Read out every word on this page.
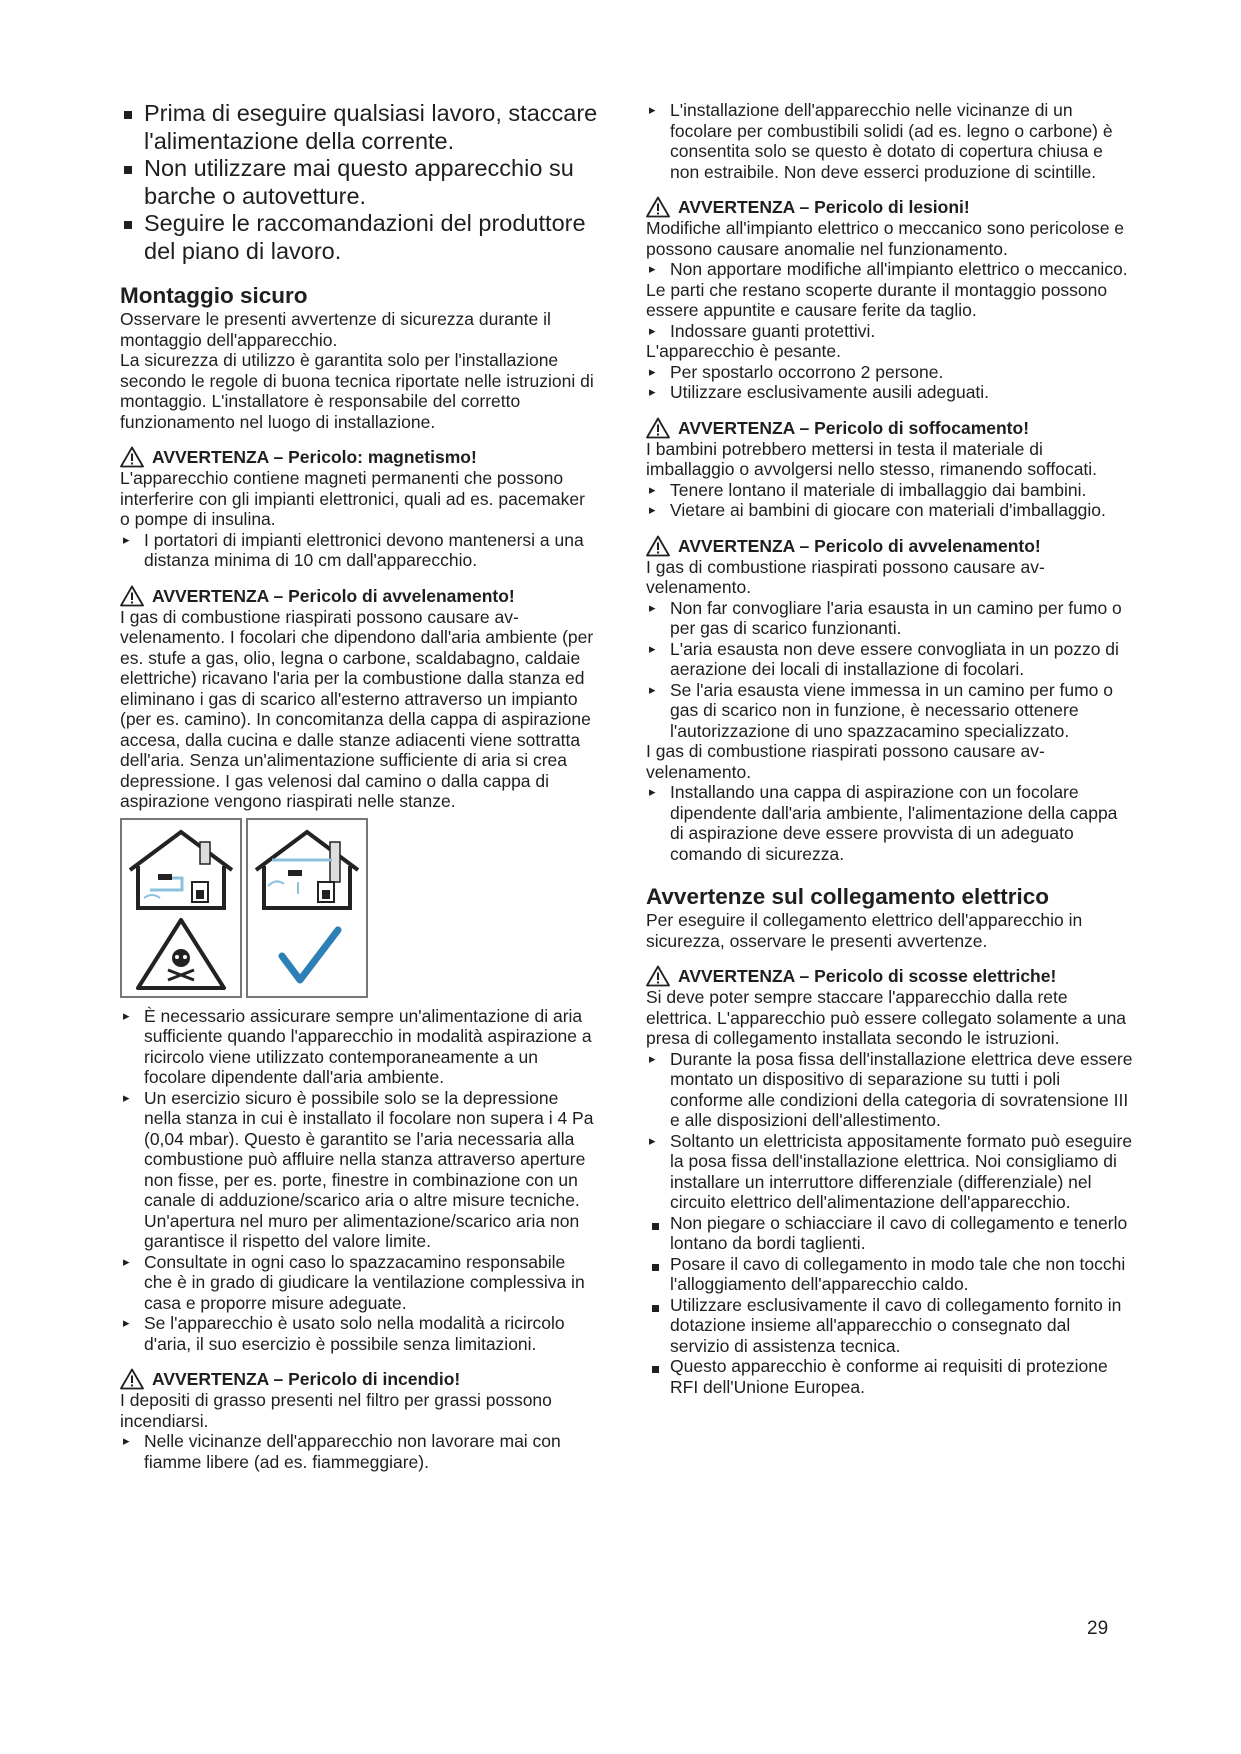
Prima di eseguire qualsiasi lavoro, staccare l'alimentazione della corrente.

Non utilizzare mai questo apparecchio su barche o autovetture.

Seguire le raccomandazioni del produttore del piano di lavoro.

Montaggio sicuro

Osservare le presenti avvertenze di sicurezza durante il montaggio dell'apparecchio.

La sicurezza di utilizzo è garantita solo per l'installazione secondo le regole di buona tecnica riportate nelle istruzioni di montaggio. L'installatore è responsabile del corretto funzionamento nel luogo di installazione.

AVVERTENZA – Pericolo: magnetismo!

L'apparecchio contiene magneti permanenti che possono interferire con gli impianti elettronici, quali ad es. pacemaker o pompe di insulina.

▸ I portatori di impianti elettronici devono mantenersi a una distanza minima di 10 cm dall'apparecchio.

AVVERTENZA – Pericolo di avvelenamento!

I gas di combustione riaspirati possono causare avvelenamento. I focolari che dipendono dall'aria ambiente (per es. stufe a gas, olio, legna o carbone, scaldabagno, caldaie elettriche) ricavano l'aria per la combustione dalla stanza ed eliminano i gas di scarico all'esterno attraverso un impianto (per es. camino). In concomitanza della cappa di aspirazione accesa, dalla cucina e dalle stanze adiacenti viene sottratta dell'aria. Senza un'alimentazione sufficiente di aria si crea depressione. I gas velenosi dal camino o dalla cappa di aspirazione vengono riaspirati nelle stanze.

▸ È necessario assicurare sempre un'alimentazione di aria sufficiente quando l'apparecchio in modalità aspirazione a ricircolo viene utilizzato contemporaneamente a un focolare dipendente dall'aria ambiente.

▸ Un esercizio sicuro è possibile solo se la depressione nella stanza in cui è installato il focolare non supera i 4 Pa (0,04 mbar). Questo è garantito se l'aria necessaria alla combustione può affluire nella stanza attraverso aperture non fisse, per es. porte, finestre in combinazione con un canale di adduzione/scarico aria o altre misure tecniche. Un'apertura nel muro per alimentazione/scarico aria non garantisce il rispetto del valore limite.

▸ Consultate in ogni caso lo spazzacamino responsabile che è in grado di giudicare la ventilazione complessiva in casa e proporre misure adeguate.

▸ Se l'apparecchio è usato solo nella modalità a ricircolo d'aria, il suo esercizio è possibile senza limitazioni.

AVVERTENZA – Pericolo di incendio!

I depositi di grasso presenti nel filtro per grassi possono incendiarsi.

▸ Nelle vicinanze dell'apparecchio non lavorare mai con fiamme libere (ad es. fiammeggiare).

▸ L'installazione dell'apparecchio nelle vicinanze di un focolare per combustibili solidi (ad es. legno o carbone) è consentita solo se questo è dotato di copertura chiusa e non estraibile. Non deve esserci produzione di scintille.

AVVERTENZA – Pericolo di lesioni!

Modifiche all'impianto elettrico o meccanico sono pericolose e possono causare anomalie nel funzionamento.

▸ Non apportare modifiche all'impianto elettrico o meccanico.

Le parti che restano scoperte durante il montaggio possono essere appuntite e causare ferite da taglio.

▸ Indossare guanti protettivi.

L'apparecchio è pesante.

▸ Per spostarlo occorrono 2 persone.

▸ Utilizzare esclusivamente ausili adeguati.

AVVERTENZA – Pericolo di soffocamento!

I bambini potrebbero mettersi in testa il materiale di imballaggio o avvolgersi nello stesso, rimanendo soffocati.

▸ Tenere lontano il materiale di imballaggio dai bambini.

▸ Vietare ai bambini di giocare con materiali d'imballaggio.

AVVERTENZA – Pericolo di avvelenamento!

I gas di combustione riaspirati possono causare avvelenamento.

▸ Non far convogliare l'aria esausta in un camino per fumo o per gas di scarico funzionanti.

▸ L'aria esausta non deve essere convogliata in un pozzo di aerazione dei locali di installazione di focolari.

▸ Se l'aria esausta viene immessa in un camino per fumo o gas di scarico non in funzione, è necessario ottenere l'autorizzazione di uno spazzacamino specializzato.

I gas di combustione riaspirati possono causare avvelenamento.

▸ Installando una cappa di aspirazione con un focolare dipendente dall'aria ambiente, l'alimentazione della cappa di aspirazione deve essere provvista di un adeguato comando di sicurezza.

Avvertenze sul collegamento elettrico

Per eseguire il collegamento elettrico dell'apparecchio in sicurezza, osservare le presenti avvertenze.

AVVERTENZA – Pericolo di scosse elettriche!

Si deve poter sempre staccare l'apparecchio dalla rete elettrica. L'apparecchio può essere collegato solamente a una presa di collegamento installata secondo le istruzioni.

▸ Durante la posa fissa dell'installazione elettrica deve essere montato un dispositivo di separazione su tutti i poli conforme alle condizioni della categoria di sovratensione III e alle disposizioni dell'allestimento.

▸ Soltanto un elettricista appositamente formato può eseguire la posa fissa dell'installazione elettrica. Noi consigliamo di installare un interruttore differenziale (differenziale) nel circuito elettrico dell'alimentazione dell'apparecchio.

Non piegare o schiacciare il cavo di collegamento e tenerlo lontano da bordi taglienti.

Posare il cavo di collegamento in modo tale che non tocchi l'alloggiamento dell'apparecchio caldo.

Utilizzare esclusivamente il cavo di collegamento fornito in dotazione insieme all'apparecchio o consegnato dal servizio di assistenza tecnica.

Questo apparecchio è conforme ai requisiti di protezione RFI dell'Unione Europea.

29
